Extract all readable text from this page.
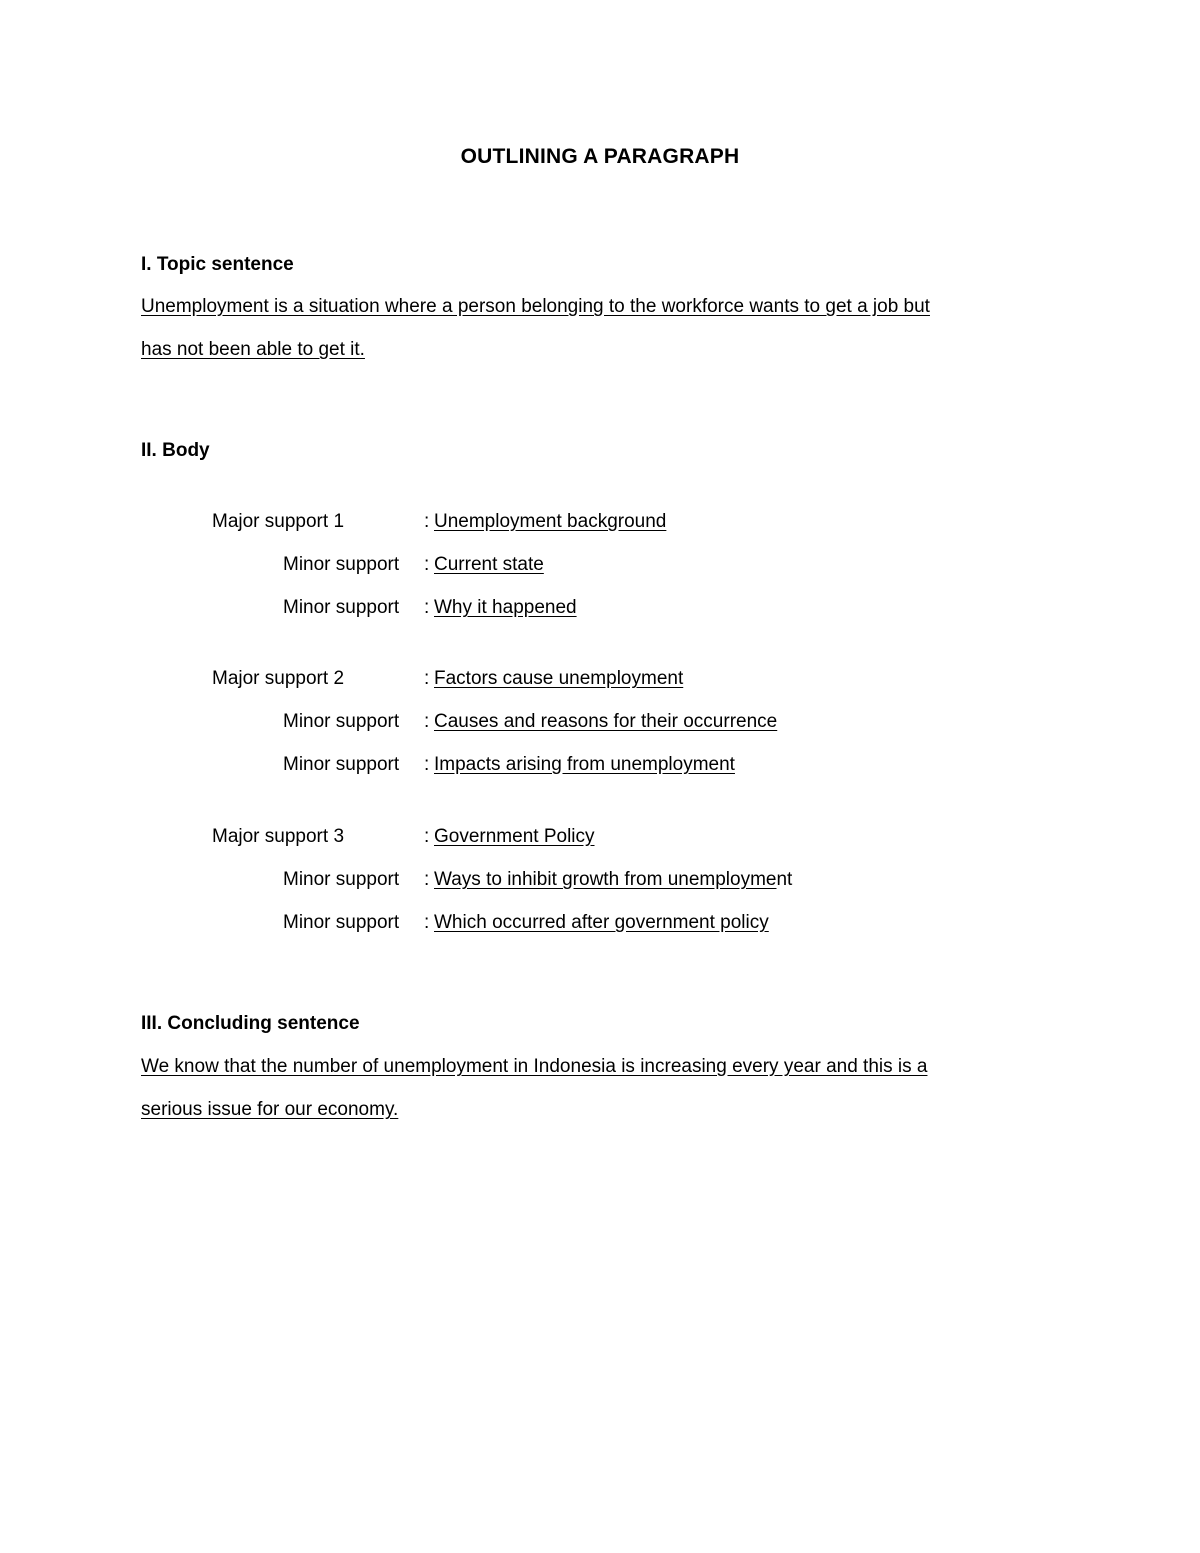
OUTLINING A PARAGRAPH
I. Topic sentence
Unemployment is a situation where a person belonging to the workforce wants to get a job but
has not been able to get it.
II. Body
Major support 1	: Unemployment background
Minor support : Current state
Minor support : Why it happened
Major support 2	: Factors cause unemployment
Minor support : Causes and reasons for their occurrence
Minor support : Impacts arising from unemployment
Major support 3	: Government Policy
Minor support : Ways to inhibit growth from unemployment
Minor support : Which occurred after government policy
III. Concluding sentence
We know that the number of unemployment in Indonesia is increasing every year and this is a
serious issue for our economy.
